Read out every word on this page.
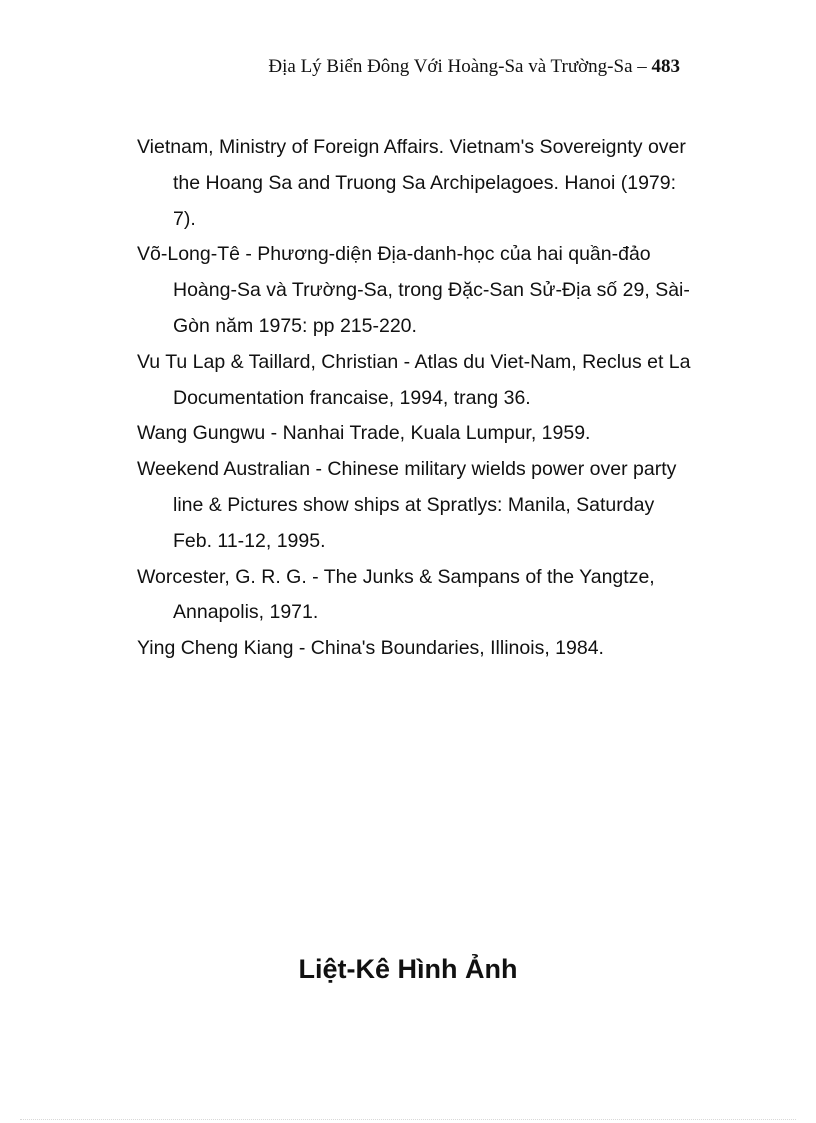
Địa Lý Biển Đông Với Hoàng-Sa và Trường-Sa – 483
Vietnam, Ministry of Foreign Affairs. Vietnam's Sovereignty over the Hoang Sa and Truong Sa Archipelagoes. Hanoi (1979: 7).
Võ-Long-Tê - Phương-diện Địa-danh-học của hai quần-đảo Hoàng-Sa và Trường-Sa, trong Đặc-San Sử-Địa số 29, Sài-Gòn năm 1975: pp 215-220.
Vu Tu Lap & Taillard, Christian - Atlas du Viet-Nam, Reclus et La Documentation francaise, 1994, trang 36.
Wang Gungwu - Nanhai Trade, Kuala Lumpur, 1959.
Weekend Australian - Chinese military wields power over party line & Pictures show ships at Spratlys: Manila, Saturday Feb. 11-12, 1995.
Worcester, G. R. G. - The Junks & Sampans of the Yangtze, Annapolis, 1971.
Ying Cheng Kiang - China's Boundaries, Illinois, 1984.
Liệt-Kê Hình Ảnh
